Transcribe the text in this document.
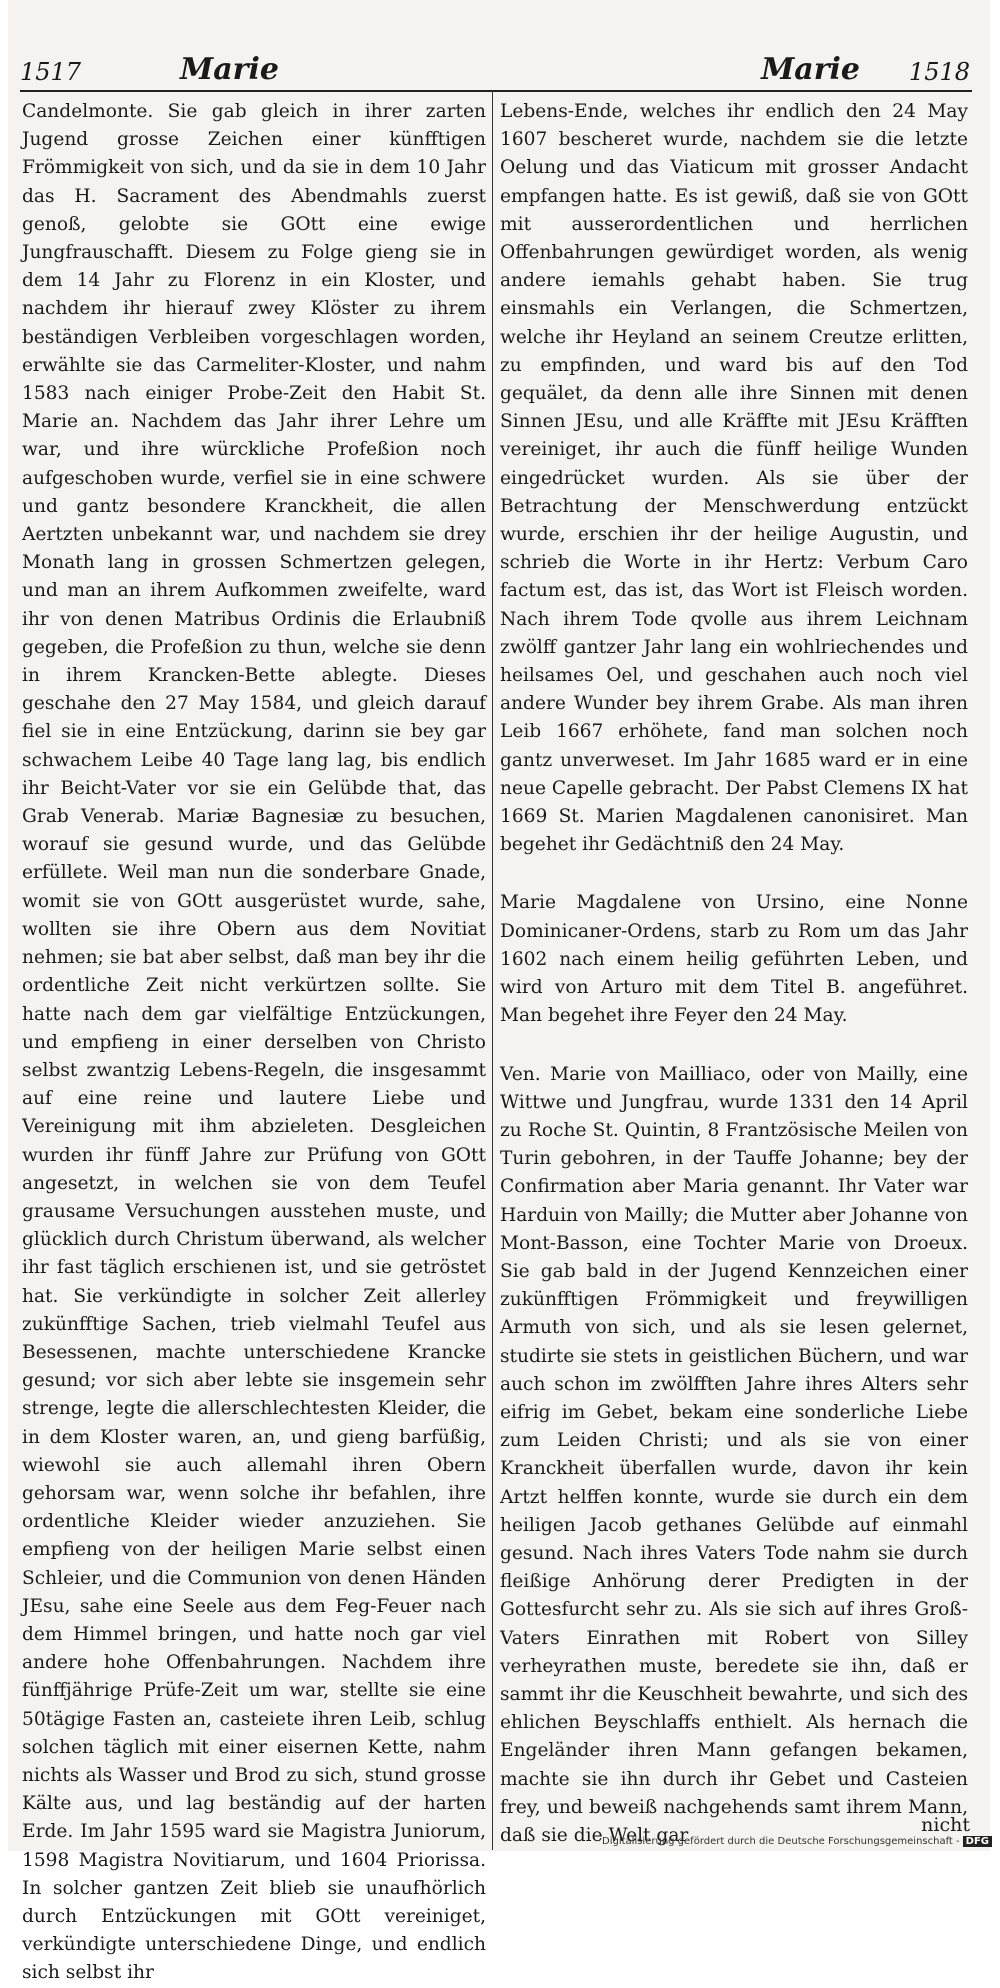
1517	Marie	Marie 1518

Candelmonte. Sie gab gleich in ihrer zarten Jugend grosse Zeichen einer künfftigen Frömmigkeit von sich, und da sie in dem 10 Jahr das H. Sacrament des Abendmahls zuerst genoß, gelobte sie GOtt eine ewige Jungfrauschafft. Diesem zu Folge gieng sie in dem 14 Jahr zu Florenz in ein Kloster, und nachdem ihr hierauf zwey Klöster zu ihrem beständigen Verbleiben vorgeschlagen worden, erwählte sie das Carmeliter-Kloster, und nahm 1583 nach einiger Probe-Zeit den Habit St. Marie an. Nachdem das Jahr ihrer Lehre um war, und ihre würckliche Profeßion noch aufgeschoben wurde, verfiel sie in eine schwere und gantz besondere Kranckheit, die allen Aertzten unbekannt war, und nachdem sie drey Monath lang in grossen Schmertzen gelegen, und man an ihrem Aufkommen zweifelte, ward ihr von denen Matribus Ordinis die Erlaubniß gegeben, die Profeßion zu thun, welche sie denn in ihrem Krancken-Bette ablegte. Dieses geschahe den 27 May 1584, und gleich darauf fiel sie in eine Entzückung, darinn sie bey gar schwachem Leibe 40 Tage lang lag, bis endlich ihr Beicht-Vater vor sie ein Gelübde that, das Grab Venerab. Mariæ Bagnesiæ zu besuchen, worauf sie gesund wurde, und das Gelübde erfüllete. Weil man nun die sonderbare Gnade, womit sie von GOtt ausgerüstet wurde, sahe, wollten sie ihre Obern aus dem Novitiat nehmen; sie bat aber selbst, daß man bey ihr die ordentliche Zeit nicht verkürtzen sollte. Sie hatte nach dem gar vielfältige Entzückungen, und empfieng in einer derselben von Christo selbst zwantzig Lebens-Regeln, die insgesammt auf eine reine und lautere Liebe und Vereinigung mit ihm abzieleten. Desgleichen wurden ihr fünff Jahre zur Prüfung von GOtt angesetzt, in welchen sie von dem Teufel grausame Versuchungen ausstehen muste, und glücklich durch Christum überwand, als welcher ihr fast täglich erschienen ist, und sie getröstet hat. Sie verkündigte in solcher Zeit allerley zukünfftige Sachen, trieb vielmahl Teufel aus Besessenen, machte unterschiedene Krancke gesund; vor sich aber lebte sie insgemein sehr strenge, legte die allerschlechtesten Kleider, die in dem Kloster waren, an, und gieng barfüßig, wiewohl sie auch allemahl ihren Obern gehorsam war, wenn solche ihr befahlen, ihre ordentliche Kleider wieder anzuziehen. Sie empfieng von der heiligen Marie selbst einen Schleier, und die Communion von denen Händen JEsu, sahe eine Seele aus dem Feg-Feuer nach dem Himmel bringen, und hatte noch gar viel andere hohe Offenbahrungen. Nachdem ihre fünffjährige Prüfe-Zeit um war, stellte sie eine 50tägige Fasten an, casteiete ihren Leib, schlug solchen täglich mit einer eisernen Kette, nahm nichts als Wasser und Brod zu sich, stund grosse Kälte aus, und lag beständig auf der harten Erde. Im Jahr 1595 ward sie Magistra Juniorum, 1598 Magistra Novitiarum, und 1604 Priorissa. In solcher gantzen Zeit blieb sie unaufhörlich durch Entzückungen mit GOtt vereiniget, verkündigte unterschiedene Dinge, und endlich sich selbst ihr

Lebens-Ende, welches ihr endlich den 24 May 1607 bescheret wurde, nachdem sie die letzte Oelung und das Viaticum mit grosser Andacht empfangen hatte. Es ist gewiß, daß sie von GOtt mit ausserordentlichen und herrlichen Offenbahrungen gewürdiget worden, als wenig andere iemahls gehabt haben. Sie trug einsmahls ein Verlangen, die Schmertzen, welche ihr Heyland an seinem Creutze erlitten, zu empfinden, und ward bis auf den Tod gequälet, da denn alle ihre Sinnen mit denen Sinnen JEsu, und alle Kräffte mit JEsu Kräfften vereiniget, ihr auch die fünff heilige Wunden eingedrücket wurden. Als sie über der Betrachtung der Menschwerdung entzückt wurde, erschien ihr der heilige Augustin, und schrieb die Worte in ihr Hertz: Verbum Caro factum est, das ist, das Wort ist Fleisch worden. Nach ihrem Tode qvolle aus ihrem Leichnam zwölff gantzer Jahr lang ein wohlriechendes und heilsames Oel, und geschahen auch noch viel andere Wunder bey ihrem Grabe. Als man ihren Leib 1667 erhöhete, fand man solchen noch gantz unverweset. Im Jahr 1685 ward er in eine neue Capelle gebracht. Der Pabst Clemens IX hat 1669 St. Marien Magdalenen canonisiret. Man begehet ihr Gedächtniß den 24 May.

Marie Magdalene von Ursino, eine Nonne Dominicaner-Ordens, starb zu Rom um das Jahr 1602 nach einem heilig geführten Leben, und wird von Arturo mit dem Titel B. angeführet. Man begehet ihre Feyer den 24 May.

Ven. Marie von Mailliaco, oder von Mailly, eine Wittwe und Jungfrau, wurde 1331 den 14 April zu Roche St. Quintin, 8 Frantzösische Meilen von Turin gebohren, in der Tauffe Johanne; bey der Confirmation aber Maria genannt. Ihr Vater war Harduin von Mailly; die Mutter aber Johanne von Mont-Basson, eine Tochter Marie von Droeux. Sie gab bald in der Jugend Kennzeichen einer zukünfftigen Frömmigkeit und freywilligen Armuth von sich, und als sie lesen gelernet, studirte sie stets in geistlichen Büchern, und war auch schon im zwölfften Jahre ihres Alters sehr eifrig im Gebet, bekam eine sonderliche Liebe zum Leiden Christi; und als sie von einer Kranckheit überfallen wurde, davon ihr kein Artzt helffen konnte, wurde sie durch ein dem heiligen Jacob gethanes Gelübde auf einmahl gesund. Nach ihres Vaters Tode nahm sie durch fleißige Anhörung derer Predigten in der Gottesfurcht sehr zu. Als sie sich auf ihres Groß-Vaters Einrathen mit Robert von Silley verheyrathen muste, beredete sie ihn, daß er sammt ihr die Keuschheit bewahrte, und sich des ehlichen Beyschlaffs enthielt. Als hernach die Engeländer ihren Mann gefangen bekamen, machte sie ihn durch ihr Gebet und Casteien frey, und beweiß nachgehends samt ihrem Mann, daß sie die Welt gar	nicht
Digitalisierung gefördert durch die Deutsche Forschungsgemeinschaft - DFG
